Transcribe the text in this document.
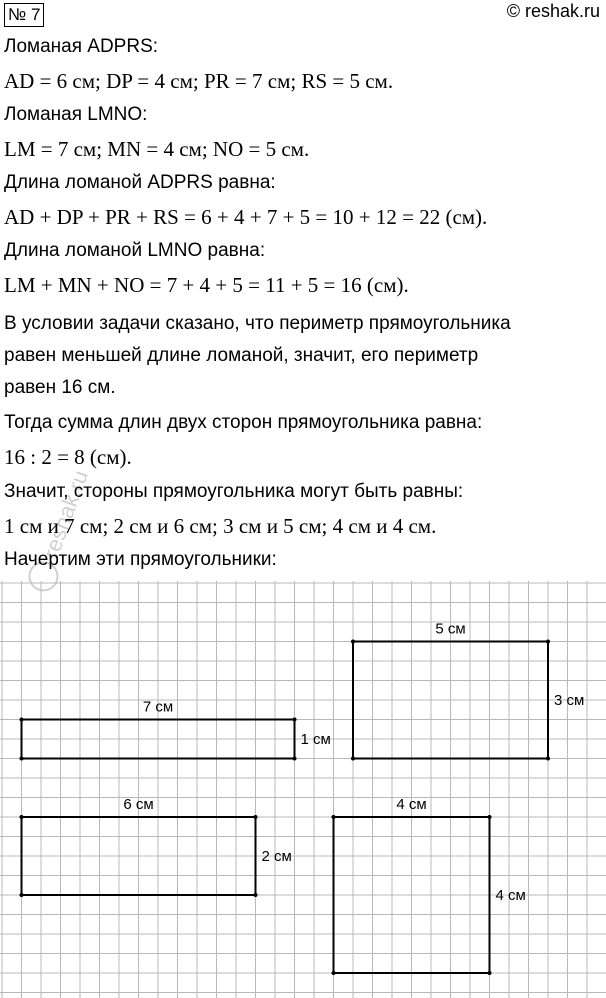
№ 7	© reshak.ru
Ломаная ADPRS:
AD = 6 см; DP = 4 см; PR = 7 см; RS = 5 см.
Ломаная LMNO:
LM = 7 см; MN = 4 см; NO = 5 см.
Длина ломаной ADPRS равна:
AD + DP + PR + RS = 6 + 4 + 7 + 5 = 10 + 12 = 22 (см).
Длина ломаной LMNO равна:
LM + MN + NO = 7 + 4 + 5 = 11 + 5 = 16 (см).
В условии задачи сказано, что периметр прямоугольника
равен меньшей длине ломаной, значит, его периметр
равен 16 см.
Тогда сумма длин двух сторон прямоугольника равна:
16 : 2 = 8 (см).
Значит, стороны прямоугольника могут быть равны:
1 см и 7 см; 2 см и 6 см; 3 см и 5 см; 4 см и 4 см.
Начертим эти прямоугольники:
reshak.ru
7 см
1 см
5 см
3 см
6 см
2 см
4 см
4 см
